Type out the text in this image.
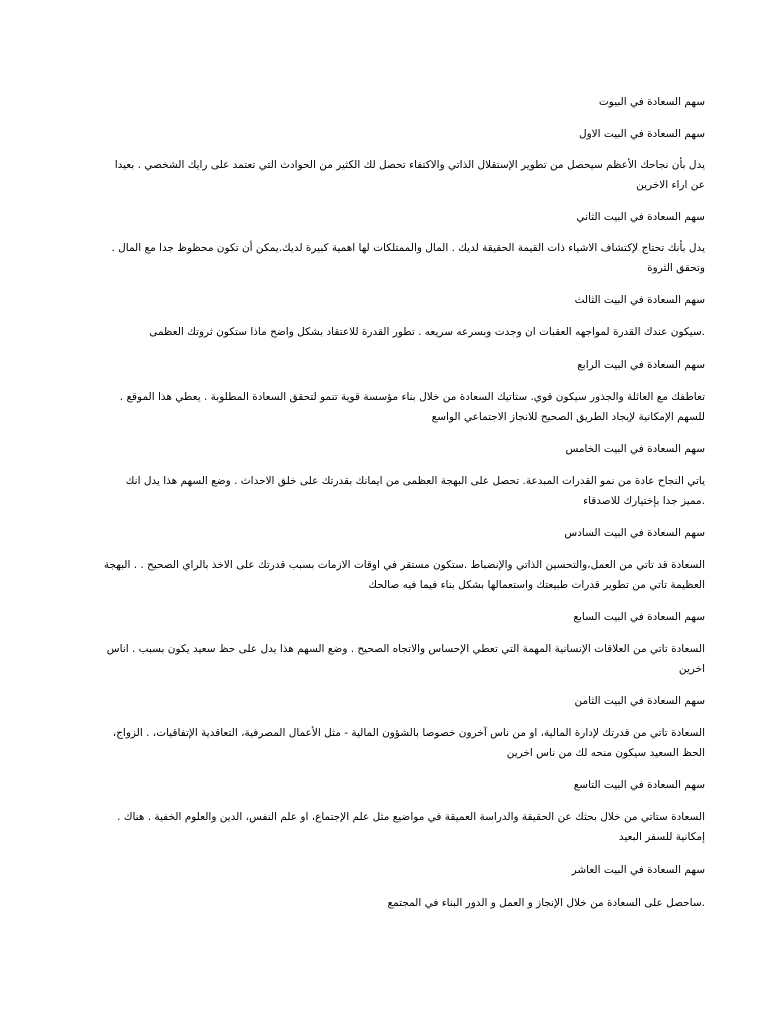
سهم السعادة في البيوت
سهم السعادة في البيت الاول
يدل بأن نجاحك الأعظم سيحصل من تطوير الإستقلال الذاتي والاكتفاء تحصل لك الكثير من الحوادث التي تعتمد على رايك الشخصي . بعيدا عن اراء الاخرين
سهم السعادة في البيت الثاني
يدل بأنك تحتاج لإكتشاف الاشياء ذات القيمة الحقيقة لديك . المال والممتلكات لها اهمية كبيرة لديك.يمكن أن تكون محظوظ جدا مع المال . وتحقق الثروة
سهم السعادة في البيت الثالث
.سيكون عندك القدرة لمواجهه العقبات ان وجدت وبسرعه سريعه . تطور القدرة للاعتقاد بشكل واضح ماذا ستكون ثروتك العظمى
سهم السعادة في البيت الرابع
تعاطفك مع العائلة والجذور سيكون قوي. ستاتيك السعادة من خلال بناء مؤسسة قوية تنمو لتحقق السعادة المطلوبة . يعطي هذا الموقع . للسهم الإمكانية لإيجاد الطريق الصحيح للانجاز الاجتماعي الواسع
سهم السعادة في البيت الخامس
ياتي النجاح عادة من نمو القدرات المبدعة. تحصل على البهجة العظمى من ايمانك بقدرتك على خلق الاحداث . وضع السهم هذا يدل انك .مميز جدا بإختيارك للاصدقاء
سهم السعادة في البيت السادس
السعادة قد تاتي من العمل،والتحسين الذاتي والإنضباط .ستكون مستقر في اوقات الازمات بسبب قدرتك على الاخذ بالراي الصحيح . . البهجة العظيمة تاتي من تطوير قدرات طبيعتك واستعمالها بشكل بناء فيما فيه صالحك
سهم السعادة في البيت السابع
السعادة تاتي من العلاقات الإنسانية المهمة التي تعطي الإحساس والاتجاه الصحيح . وضع السهم هذا يدل على حظ سعيد يكون بسبب . اناس اخرين
سهم السعادة في البيت الثامن
السعادة تاتي من قدرتك لإدارة المالية، او من ناس آخرون خصوصا بالشؤون المالية - مثل الأعمال المصرفية، التعاقدية الإتفاقيات، . الزواج، الحظ السعيد سيكون منحه لك من ناس اخرين
سهم السعادة في البيت التاسع
السعادة ستاتي من خلال بحثك عن الحقيقة والدراسة العميقة في مواضيع مثل علم الإجتماع، او علم النفس، الدين والعلوم الخفية . هناك . إمكانية للسفر البعيد
سهم السعادة في البيت العاشر
.ساحصل على السعادة من خلال الإنجاز و العمل و الدور البناء في المجتمع
